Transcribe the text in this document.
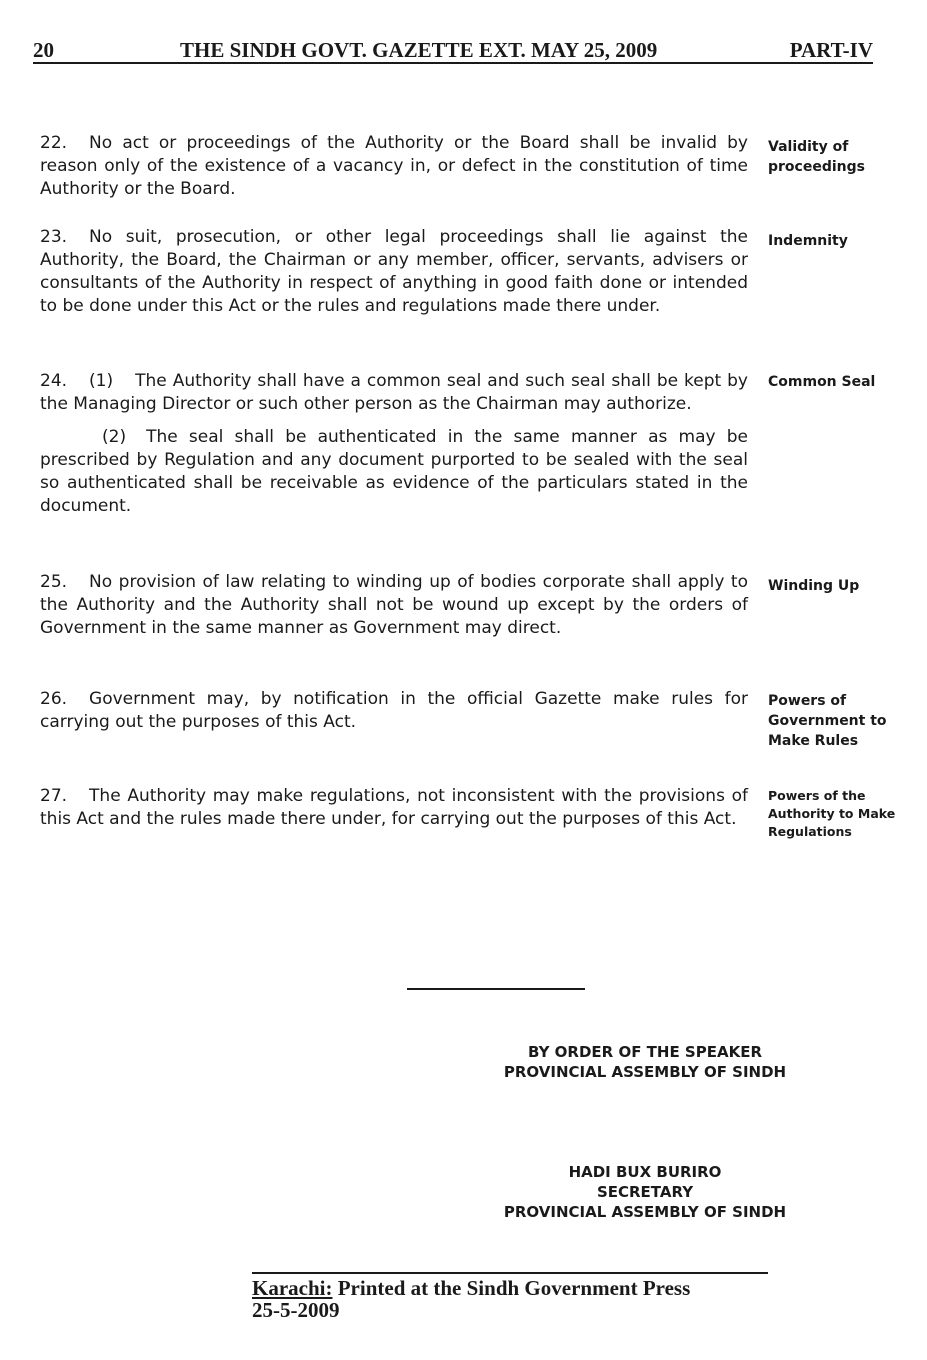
20	THE SINDH GOVT. GAZETTE EXT. MAY 25, 2009	PART-IV

22. No act or proceedings of the Authority or the Board shall be invalid by reason only of the existence of a vacancy in, or defect in the constitution of time Authority or the Board.

Validity of proceedings

23. No suit, prosecution, or other legal proceedings shall lie against the Authority, the Board, the Chairman or any member, officer, servants, advisers or consultants of the Authority in respect of anything in good faith done or intended to be done under this Act or the rules and regulations made there under.

Indemnity

24. (1) The Authority shall have a common seal and such seal shall be kept by the Managing Director or such other person as the Chairman may authorize.

(2) The seal shall be authenticated in the same manner as may be prescribed by Regulation and any document purported to be sealed with the seal so authenticated shall be receivable as evidence of the particulars stated in the document.

Common Seal

25. No provision of law relating to winding up of bodies corporate shall apply to the Authority and the Authority shall not be wound up except by the orders of Government in the same manner as Government may direct.

Winding Up

26. Government may, by notification in the official Gazette make rules for carrying out the purposes of this Act.

Powers of Government to Make Rules

27. The Authority may make regulations, not inconsistent with the provisions of this Act and the rules made there under, for carrying out the purposes of this Act.

Powers of the Authority to Make Regulations
BY ORDER OF THE SPEAKER
PROVINCIAL ASSEMBLY OF SINDH
HADI BUX BURIRO
SECRETARY
PROVINCIAL ASSEMBLY OF SINDH
Karachi: Printed at the Sindh Government Press
25-5-2009
